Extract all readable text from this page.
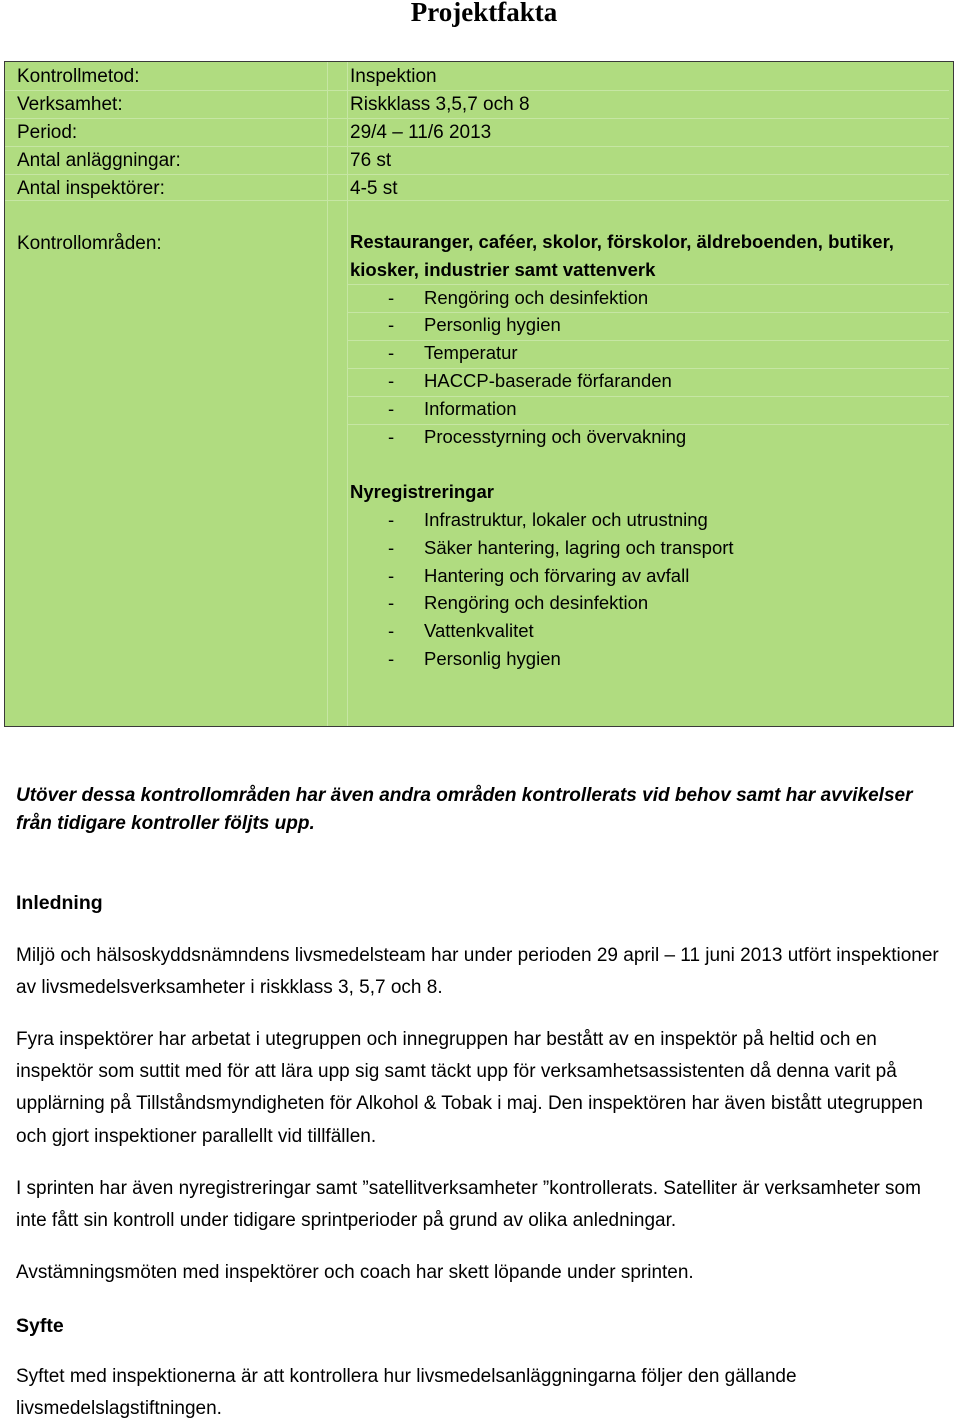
Projektfakta
Kontrollmetod:	Inspektion
Verksamhet:	Riskklass 3,5,7 och 8
Period:	29/4 – 11/6 2013
Antal anläggningar:	76 st
Antal inspektörer:	4-5 st
Kontrollområden:	Restauranger, caféer, skolor, förskolor, äldreboenden, butiker,
kiosker, industrier samt vattenverk
- Rengöring och desinfektion
- Personlig hygien
- Temperatur
- HACCP-baserade förfaranden
- Information
- Processtyrning och övervakning
Nyregistreringar
- Infrastruktur, lokaler och utrustning
- Säker hantering, lagring och transport
- Hantering och förvaring av avfall
- Rengöring och desinfektion
- Vattenkvalitet
- Personlig hygien

Utöver dessa kontrollområden har även andra områden kontrollerats vid behov samt har avvikelser från tidigare kontroller följts upp.

Inledning

Miljö och hälsoskyddsnämndens livsmedelsteam har under perioden 29 april – 11 juni 2013 utfört inspektioner av livsmedelsverksamheter i riskklass 3, 5,7 och 8.

Fyra inspektörer har arbetat i utegruppen och innegruppen har bestått av en inspektör på heltid och en inspektör som suttit med för att lära upp sig samt täckt upp för verksamhetsassistenten då denna varit på upplärning på Tillståndsmyndigheten för Alkohol & Tobak i maj. Den inspektören har även bistått utegruppen och gjort inspektioner parallellt vid tillfällen.

I sprinten har även nyregistreringar samt ”satellitverksamheter ”kontrollerats. Satelliter är verksamheter som inte fått sin kontroll under tidigare sprintperioder på grund av olika anledningar.

Avstämningsmöten med inspektörer och coach har skett löpande under sprinten.

Syfte

Syftet med inspektionerna är att kontrollera hur livsmedelsanläggningarna följer den gällande livsmedelslagstiftningen.
